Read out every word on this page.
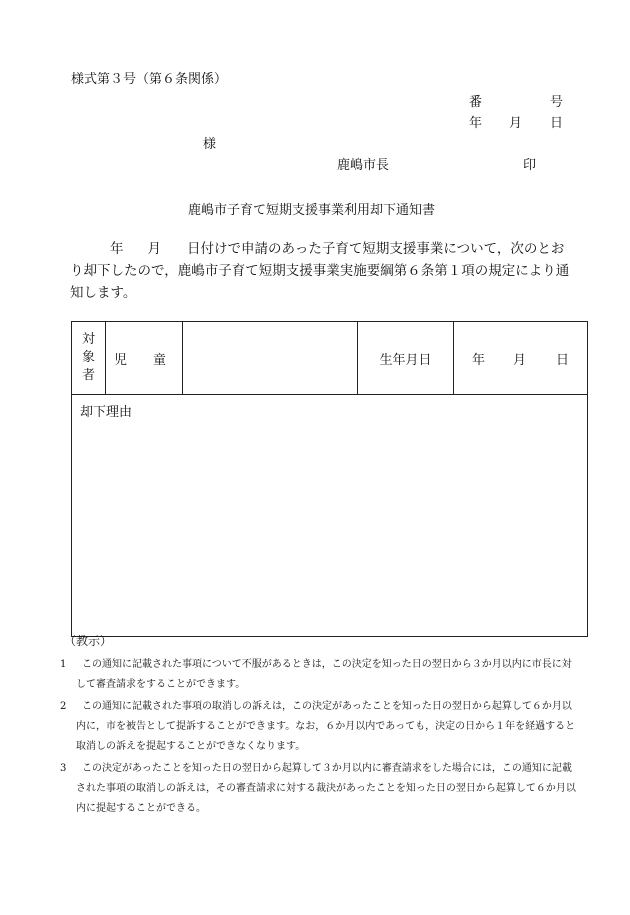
様式第３号（第６条関係）
番	号
年 月 日
様
鹿嶋市長	印
鹿嶋市子育て短期支援事業利用却下通知書
年 月 日付けで申請のあった子育て短期支援事業について，次のとお
り却下したので，鹿嶋市子育て短期支援事業実施要綱第６条第１項の規定により通
知します。
対
象
者
	児　　童		生年月日	年 月 日
却下理由
（教示）
1	この通知に記載された事項について不服があるときは，この決定を知った日の翌日から３か月以内に市長に対
して審査請求をすることができます。
2	この通知に記載された事項の取消しの訴えは，この決定があったことを知った日の翌日から起算して６か月以
内に，市を被告として提訴することができます。なお，６か月以内であっても，決定の日から１年を経過すると
取消しの訴えを提起することができなくなります。
3	この決定があったことを知った日の翌日から起算して３か月以内に審査請求をした場合には，この通知に記載
された事項の取消しの訴えは，その審査請求に対する裁決があったことを知った日の翌日から起算して６か月以
内に提起することができる。
